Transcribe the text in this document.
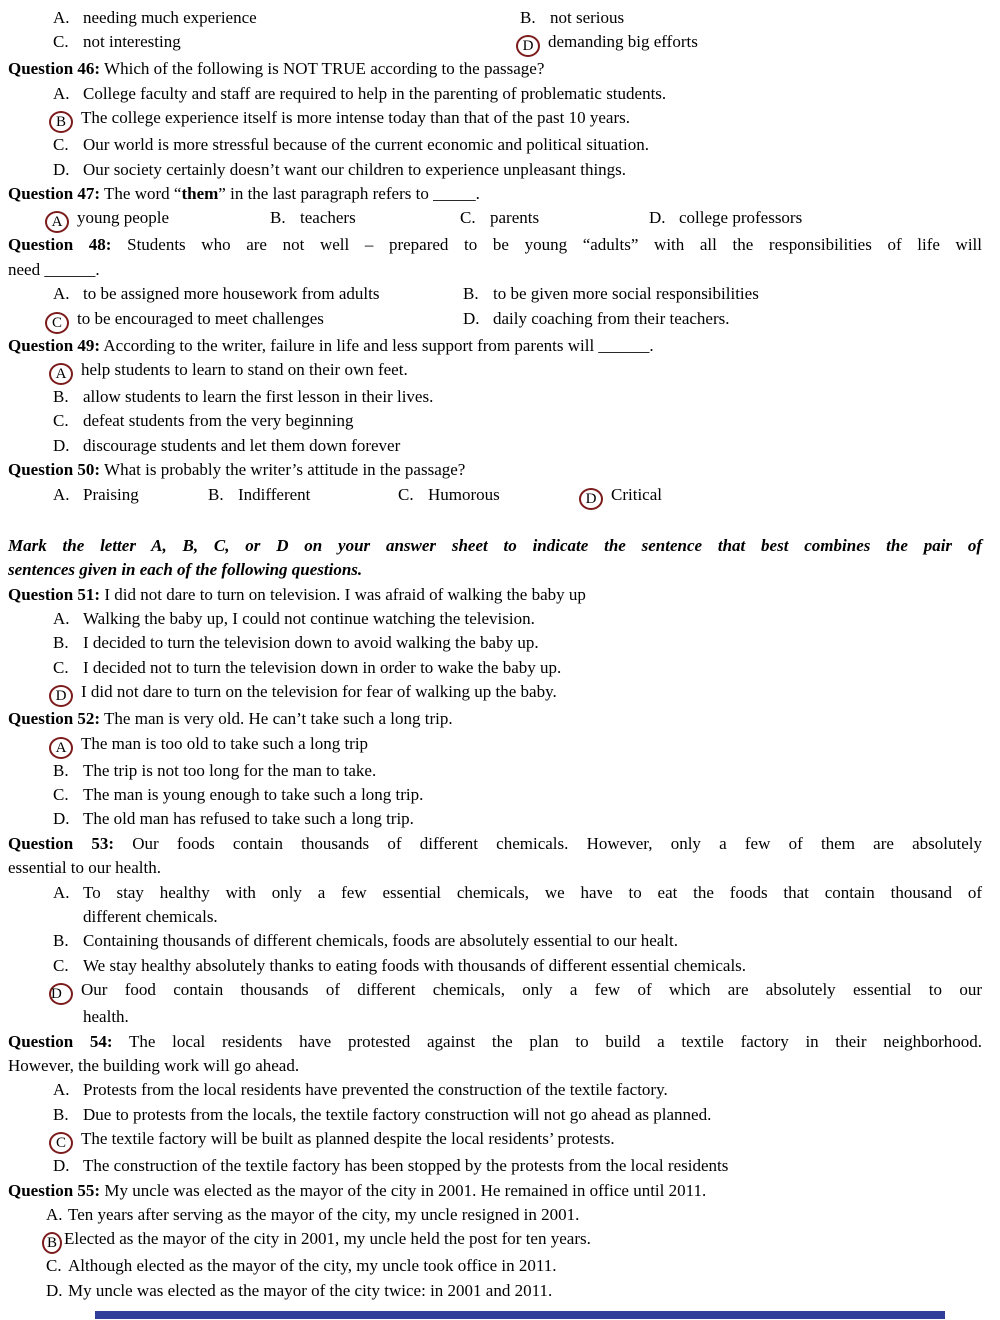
A. needing much experience	B. not serious

C. not interesting	D demanding big efforts

Question 46: Which of the following is NOT TRUE according to the passage?

A. College faculty and staff are required to help in the parenting of problematic students.

B The college experience itself is more intense today than that of the past 10 years.

C. Our world is more stressful because of the current economic and political situation.

D. Our society certainly doesn’t want our children to experience unpleasant things.

Question 47: The word “them” in the last paragraph refers to _____.

A young people	B. teachers	C. parents	D. college professors

Question 48: Students who are not well – prepared to be young “adults” with all the responsibilities of life will

need ______.

A. to be assigned more housework from adults	B. to be given more social responsibilities

C to be encouraged to meet challenges	D. daily coaching from their teachers.

Question 49: According to the writer, failure in life and less support from parents will ______.

A help students to learn to stand on their own feet.

B. allow students to learn the first lesson in their lives.

C. defeat students from the very beginning

D. discourage students and let them down forever

Question 50: What is probably the writer’s attitude in the passage?

A. Praising	B. Indifferent	C. Humorous	D Critical

Mark the letter A, B, C, or D on your answer sheet to indicate the sentence that best combines the pair of

sentences given in each of the following questions.

Question 51: I did not dare to turn on television. I was afraid of walking the baby up

A. Walking the baby up, I could not continue watching the television.

B. I decided to turn the television down to avoid walking the baby up.

C. I decided not to turn the television down in order to wake the baby up.

D I did not dare to turn on the television for fear of walking up the baby.

Question 52: The man is very old. He can’t take such a long trip.

A The man is too old to take such a long trip

B. The trip is not too long for the man to take.

C. The man is young enough to take such a long trip.

D. The old man has refused to take such a long trip.

Question 53: Our foods contain thousands of different chemicals. However, only a few of them are absolutely

essential to our health.

A. To stay healthy with only a few essential chemicals, we have to eat the foods that contain thousand of

different chemicals.

B. Containing thousands of different chemicals, foods are absolutely essential to our healt.

C. We stay healthy absolutely thanks to eating foods with thousands of different essential chemicals.

D Our food contain thousands of different chemicals, only a few of which are absolutely essential to our

health.

Question 54: The local residents have protested against the plan to build a textile factory in their neighborhood.

However, the building work will go ahead.

A. Protests from the local residents have prevented the construction of the textile factory.

B. Due to protests from the locals, the textile factory construction will not go ahead as planned.

C The textile factory will be built as planned despite the local residents’ protests.

D. The construction of the textile factory has been stopped by the protests from the local residents

Question 55: My uncle was elected as the mayor of the city in 2001. He remained in office until 2011.

A. Ten years after serving as the mayor of the city, my uncle resigned in 2001.

B Elected as the mayor of the city in 2001, my uncle held the post for ten years.

C. Although elected as the mayor of the city, my uncle took office in 2011.

D. My uncle was elected as the mayor of the city twice: in 2001 and 2011.
